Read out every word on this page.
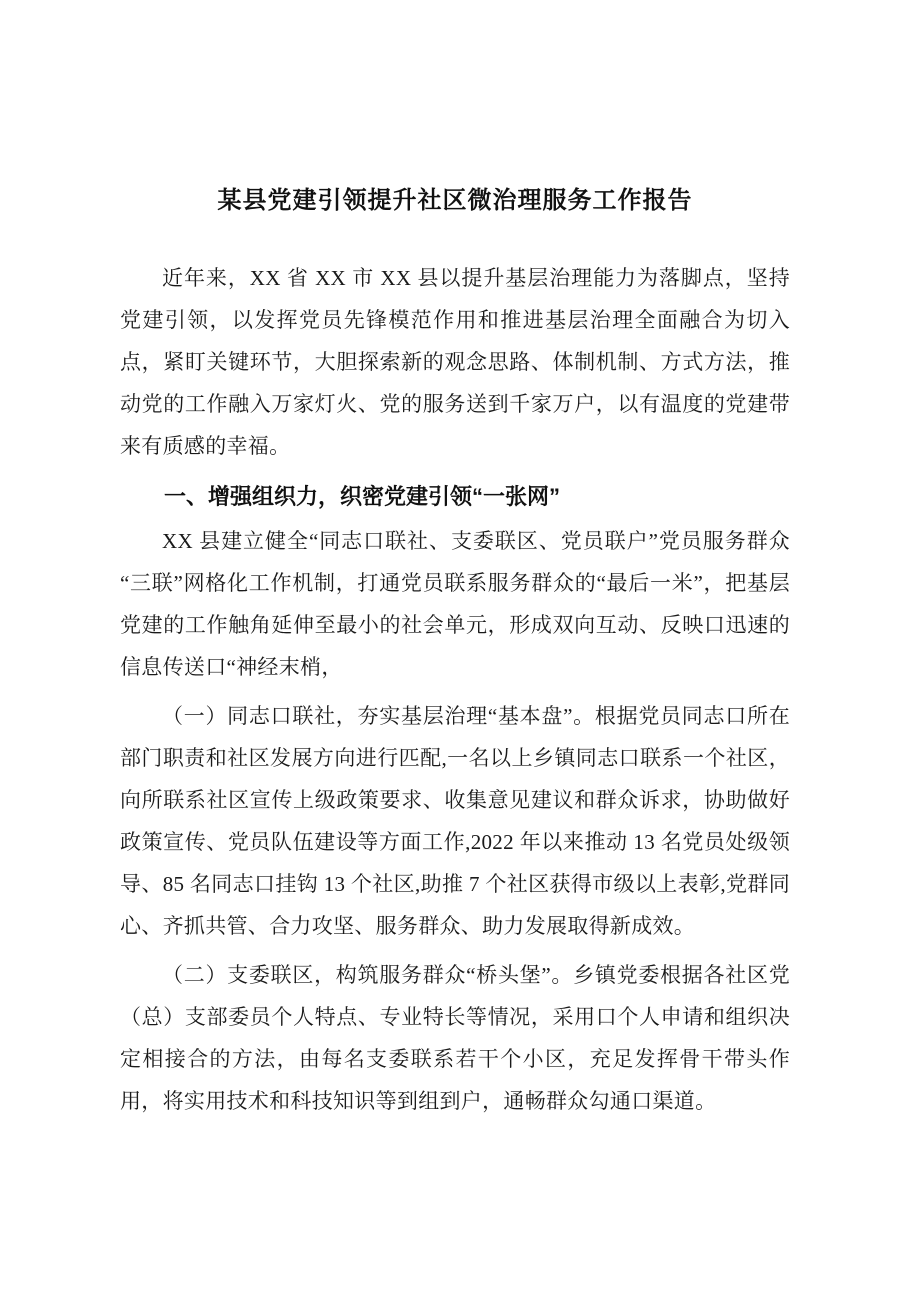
某县党建引领提升社区微治理服务工作报告

近年来，XX 省 XX 市 XX 县以提升基层治理能力为落脚点，坚持党建引领，以发挥党员先锋模范作用和推进基层治理全面融合为切入点，紧盯关键环节，大胆探索新的观念思路、体制机制、方式方法，推动党的工作融入万家灯火、党的服务送到千家万户，以有温度的党建带来有质感的幸福。

一、增强组织力，织密党建引领“一张网”

XX 县建立健全“同志口联社、支委联区、党员联户”党员服务群众“三联”网格化工作机制，打通党员联系服务群众的“最后一米”，把基层党建的工作触角延伸至最小的社会单元，形成双向互动、反映口迅速的信息传送口“神经末梢，

（一）同志口联社，夯实基层治理“基本盘”。根据党员同志口所在部门职责和社区发展方向进行匹配,一名以上乡镇同志口联系一个社区，向所联系社区宣传上级政策要求、收集意见建议和群众诉求，协助做好政策宣传、党员队伍建设等方面工作,2022 年以来推动 13 名党员处级领导、85 名同志口挂钩 13 个社区,助推 7 个社区获得市级以上表彰,党群同心、齐抓共管、合力攻坚、服务群众、助力发展取得新成效。

（二）支委联区，构筑服务群众“桥头堡”。乡镇党委根据各社区党（总）支部委员个人特点、专业特长等情况，采用口个人申请和组织决定相接合的方法，由每名支委联系若干个小区，充足发挥骨干带头作用，将实用技术和科技知识等到组到户，通畅群众勾通口渠道。
